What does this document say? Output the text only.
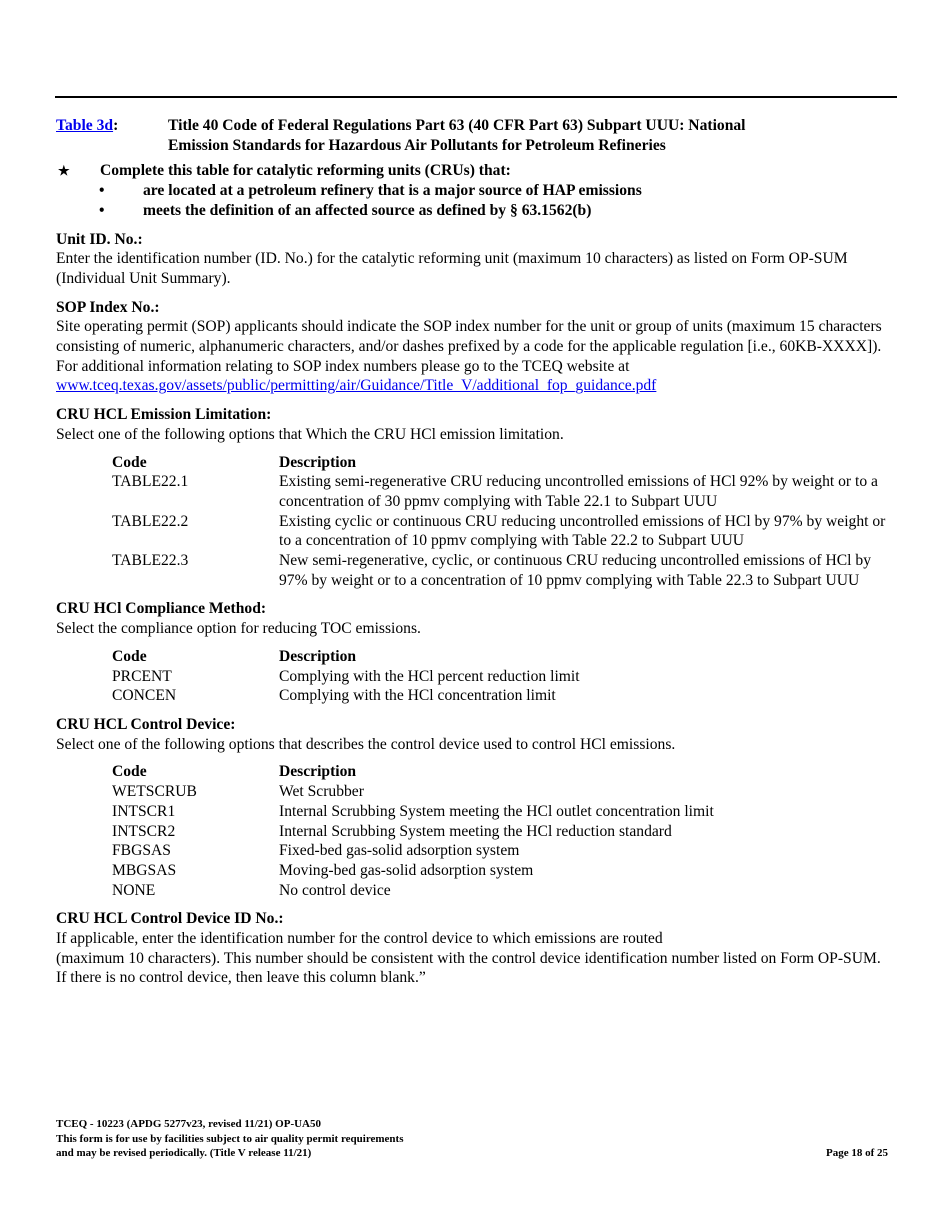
Table 3d:	Title 40 Code of Federal Regulations Part 63 (40 CFR Part 63) Subpart UUU: National
Emission Standards for Hazardous Air Pollutants for Petroleum Refineries
★	Complete this table for catalytic reforming units (CRUs) that:
•	are located at a petroleum refinery that is a major source of HAP emissions
•	meets the definition of an affected source as defined by § 63.1562(b)
Unit ID. No.:

Enter the identification number (ID. No.) for the catalytic reforming unit (maximum 10 characters) as listed on Form OP-SUM (Individual Unit Summary).

SOP Index No.:

Site operating permit (SOP) applicants should indicate the SOP index number for the unit or group of units (maximum 15 characters consisting of numeric, alphanumeric characters, and/or dashes prefixed by a code for the applicable regulation [i.e., 60KB-XXXX]). For additional information relating to SOP index numbers please go to the TCEQ website at www.tceq.texas.gov/assets/public/permitting/air/Guidance/Title_V/additional_fop_guidance.pdf

CRU HCL Emission Limitation:

Select one of the following options that Which the CRU HCl emission limitation.

Code	Description
TABLE22.1	Existing semi-regenerative CRU reducing uncontrolled emissions of HCl 92% by weight or to a concentration of 30 ppmv complying with Table 22.1 to Subpart UUU
TABLE22.2	Existing cyclic or continuous CRU reducing uncontrolled emissions of HCl by 97% by weight or to a concentration of 10 ppmv complying with Table 22.2 to Subpart UUU
TABLE22.3	New semi-regenerative, cyclic, or continuous CRU reducing uncontrolled emissions of HCl by 97% by weight or to a concentration of 10 ppmv complying with Table 22.3 to Subpart UUU
CRU HCl Compliance Method:

Select the compliance option for reducing TOC emissions.

Code	Description
PRCENT	Complying with the HCl percent reduction limit
CONCEN	Complying with the HCl concentration limit
CRU HCL Control Device:

Select one of the following options that describes the control device used to control HCl emissions.

Code	Description
WETSCRUB	Wet Scrubber
INTSCR1	Internal Scrubbing System meeting the HCl outlet concentration limit
INTSCR2	Internal Scrubbing System meeting the HCl reduction standard
FBGSAS	Fixed-bed gas-solid adsorption system
MBGSAS	Moving-bed gas-solid adsorption system
NONE	No control device
CRU HCL Control Device ID No.:
If applicable, enter the identification number for the control device to which emissions are routed
(maximum 10 characters). This number should be consistent with the control device identification number listed on Form OP-SUM. If there is no control device, then leave this column blank.”
TCEQ - 10223 (APDG 5277v23, revised 11/21) OP-UA50
This form is for use by facilities subject to air quality permit requirements
and may be revised periodically. (Title V release 11/21)	Page 18 of 25
